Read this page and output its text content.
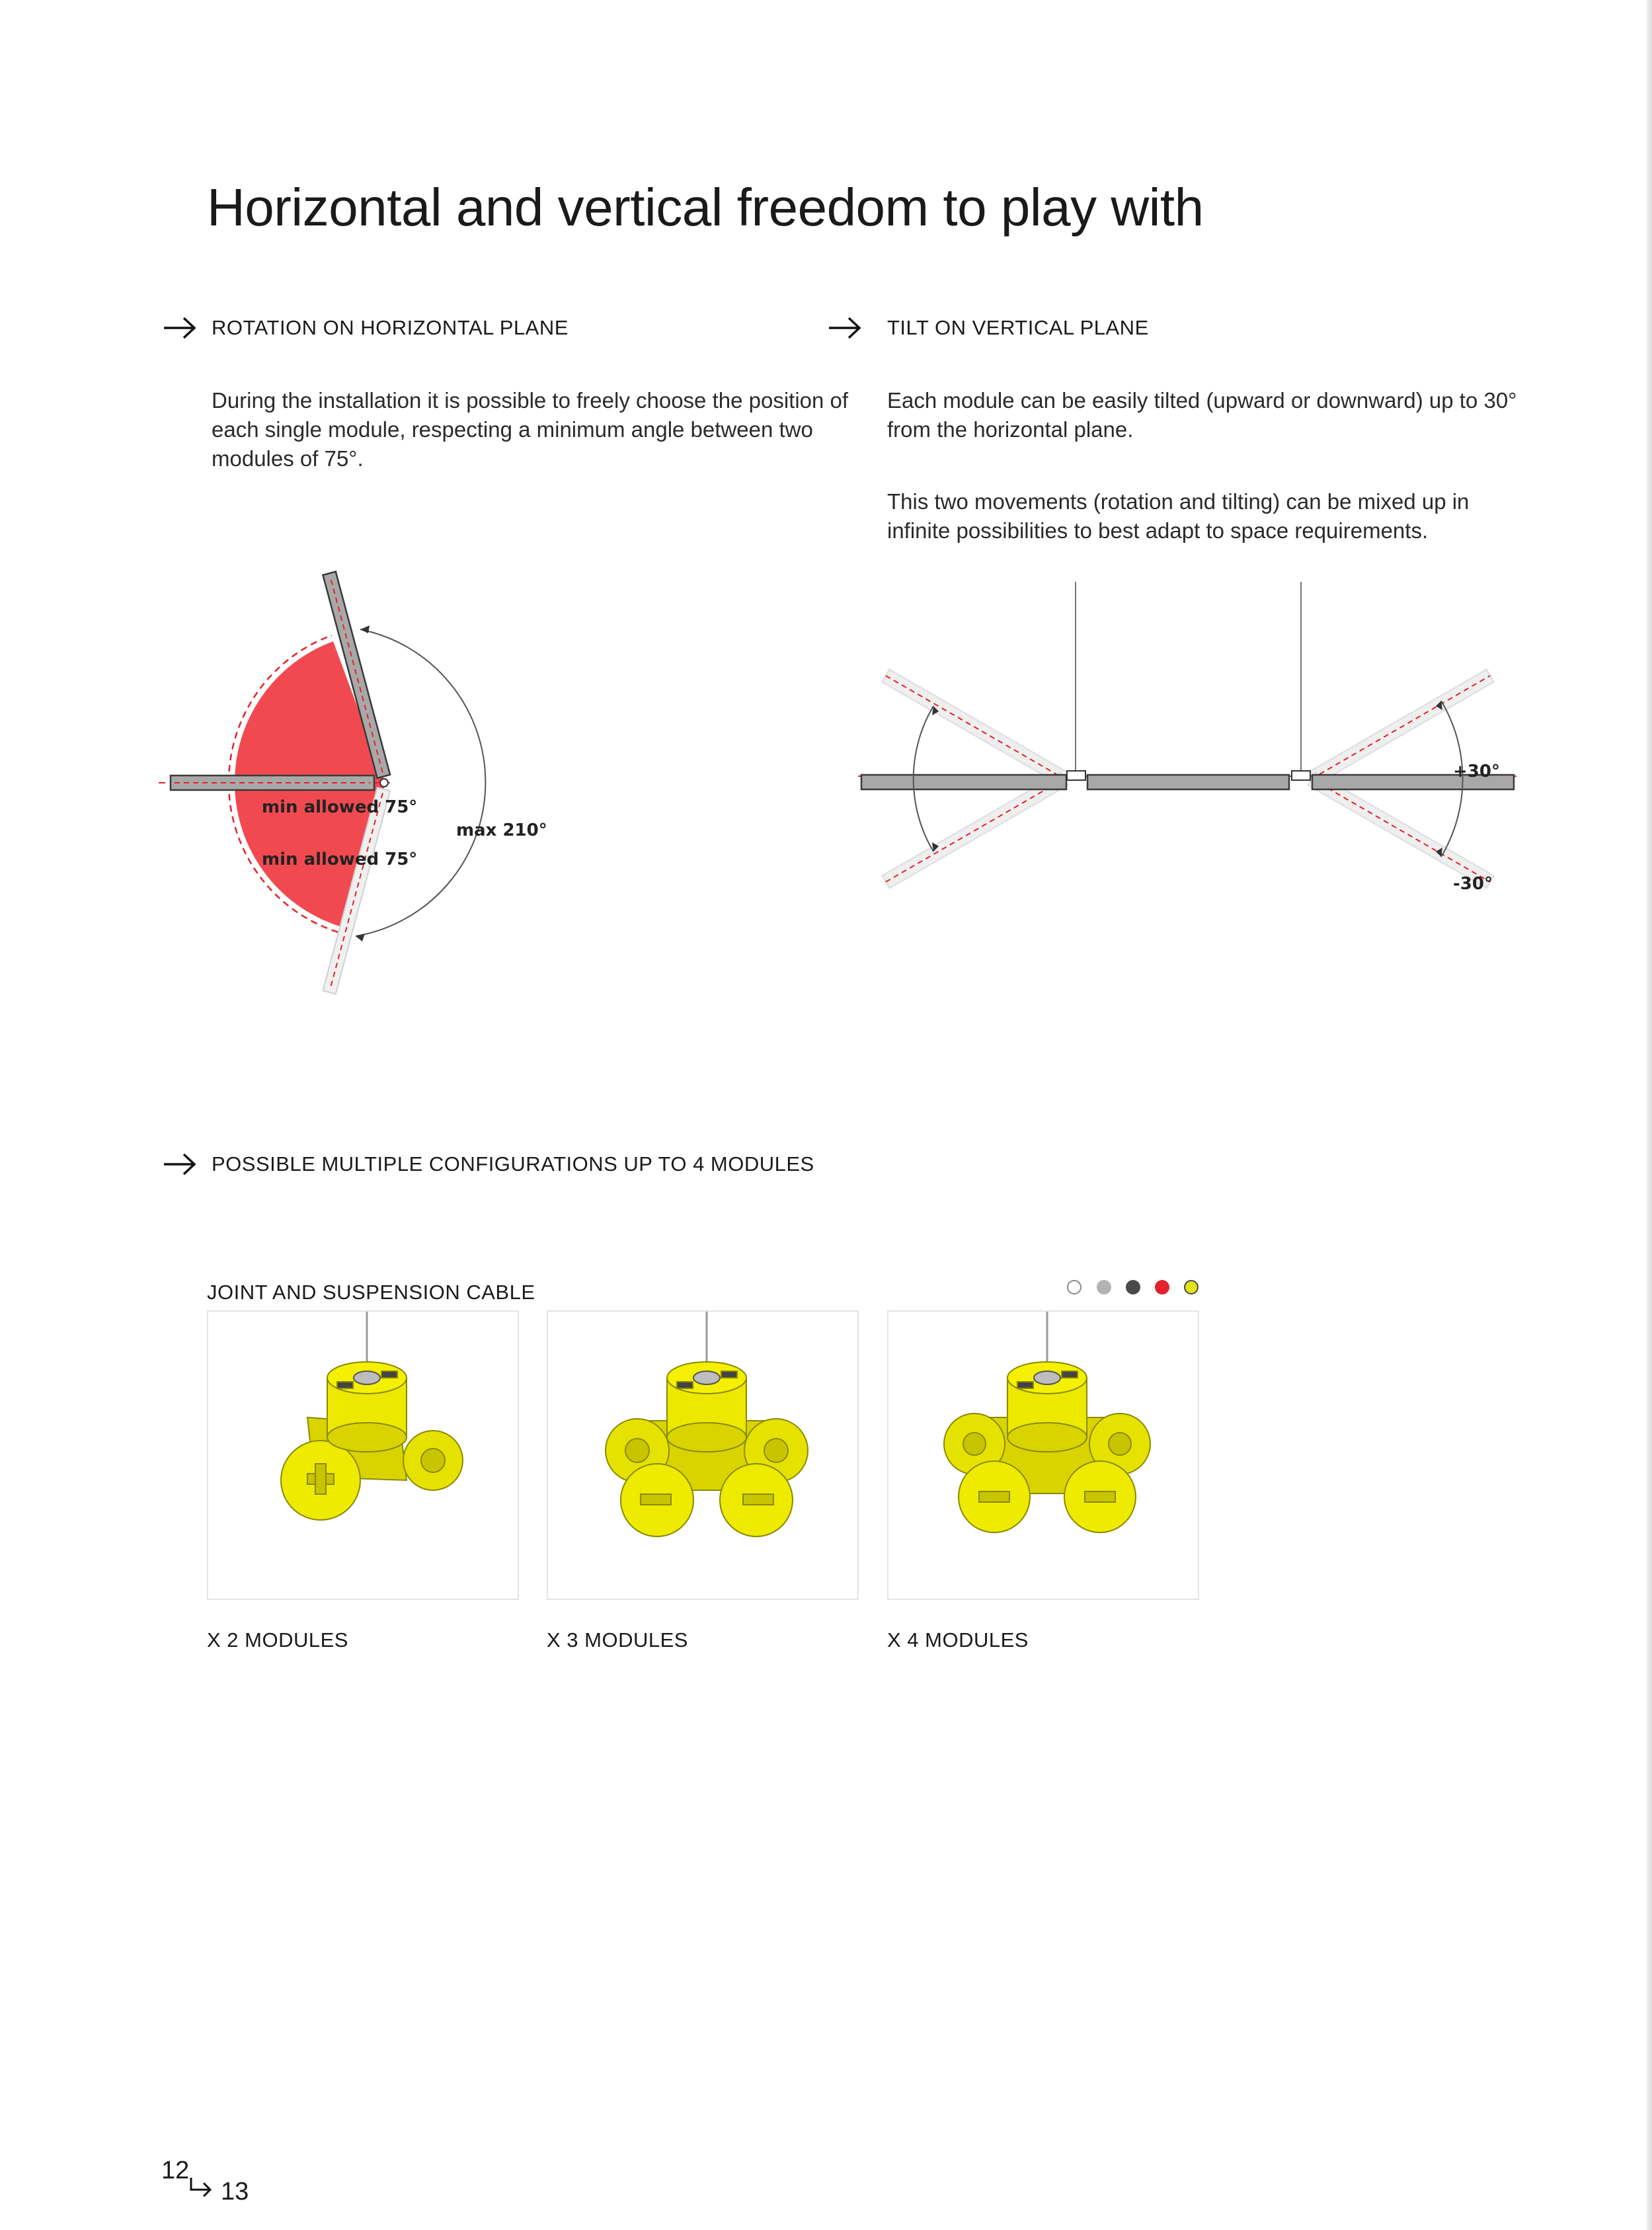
Horizontal and vertical freedom to play with
ROTATION ON HORIZONTAL PLANE
During the installation it is possible to freely choose the position of each single module, respecting a minimum angle between two modules of 75°.
TILT ON VERTICAL PLANE
Each module can be easily tilted (upward or downward) up to 30° from the horizontal plane.
This two movements (rotation and tilting) can be mixed up in infinite possibilities to best adapt to space requirements.
min allowed 75°
min allowed 75°
max 210°
+30°
-30°
POSSIBLE MULTIPLE CONFIGURATIONS UP TO 4 MODULES
JOINT AND SUSPENSION CABLE
X 2 MODULES	X 3 MODULES	X 4 MODULES
12
13
